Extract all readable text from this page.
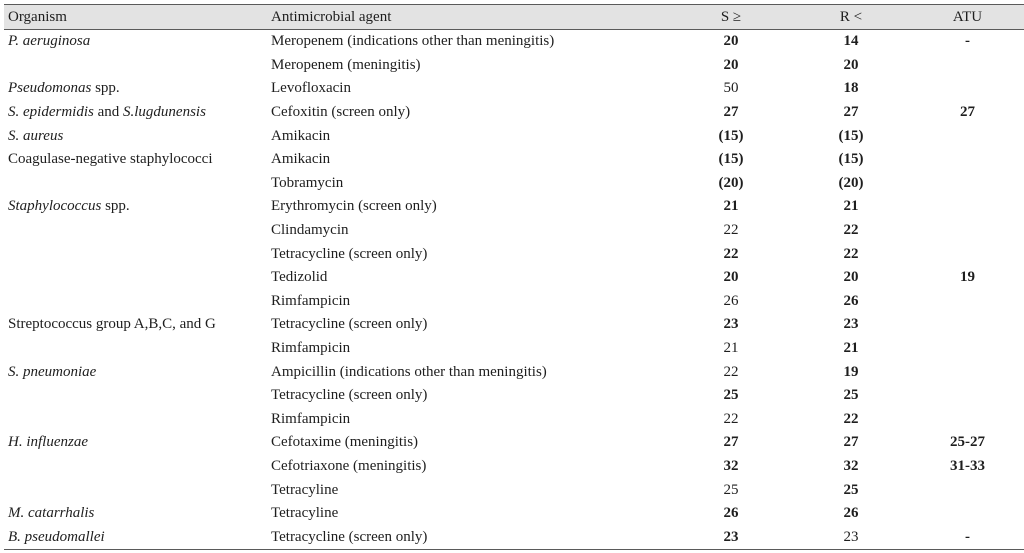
Organism	Antimicrobial agent	S ≥	R <	ATU
P. aeruginosa	Meropenem (indications other than meningitis)	20	14	-
	Meropenem (meningitis)	20	20	
Pseudomonas spp.	Levofloxacin	50	18	
S. epidermidis and S.lugdunensis	Cefoxitin (screen only)	27	27	27
S. aureus	Amikacin	(15)	(15)	
Coagulase-negative staphylococci	Amikacin	(15)	(15)	
	Tobramycin	(20)	(20)	
Staphylococcus spp.	Erythromycin (screen only)	21	21	
	Clindamycin	22	22	
	Tetracycline (screen only)	22	22	
	Tedizolid	20	20	19
	Rimfampicin	26	26	
Streptococcus group A,B,C, and G	Tetracycline (screen only)	23	23	
	Rimfampicin	21	21	
S. pneumoniae	Ampicillin (indications other than meningitis)	22	19	
	Tetracycline (screen only)	25	25	
	Rimfampicin	22	22	
H. influenzae	Cefotaxime (meningitis)	27	27	25-27
	Cefotriaxone (meningitis)	32	32	31-33
	Tetracyline	25	25	
M. catarrhalis	Tetracyline	26	26	
B. pseudomallei	Tetracycline (screen only)	23	23	-
